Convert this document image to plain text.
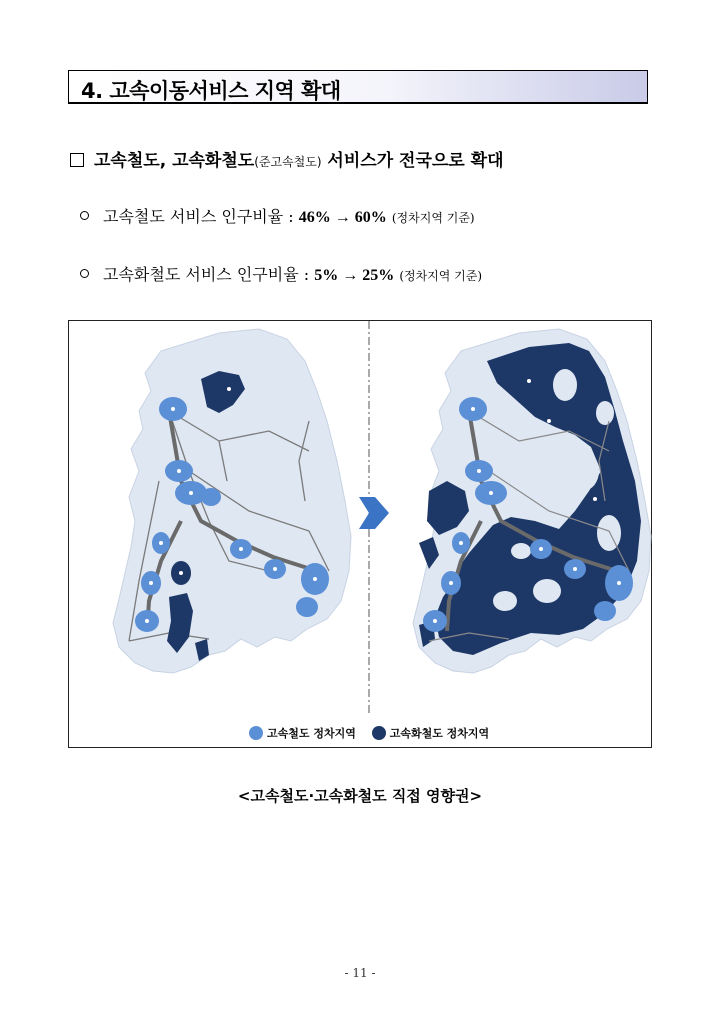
4. 고속이동서비스 지역 확대
고속철도, 고속화철도(준고속철도) 서비스가 전국으로 확대
고속철도 서비스 인구비율 : 46% → 60% (정차지역 기준)
고속화철도 서비스 인구비율 : 5% → 25% (정차지역 기준)
고속철도 정차지역	고속화철도 정차지역
<고속철도·고속화철도 직접 영향권>
- 11 -
